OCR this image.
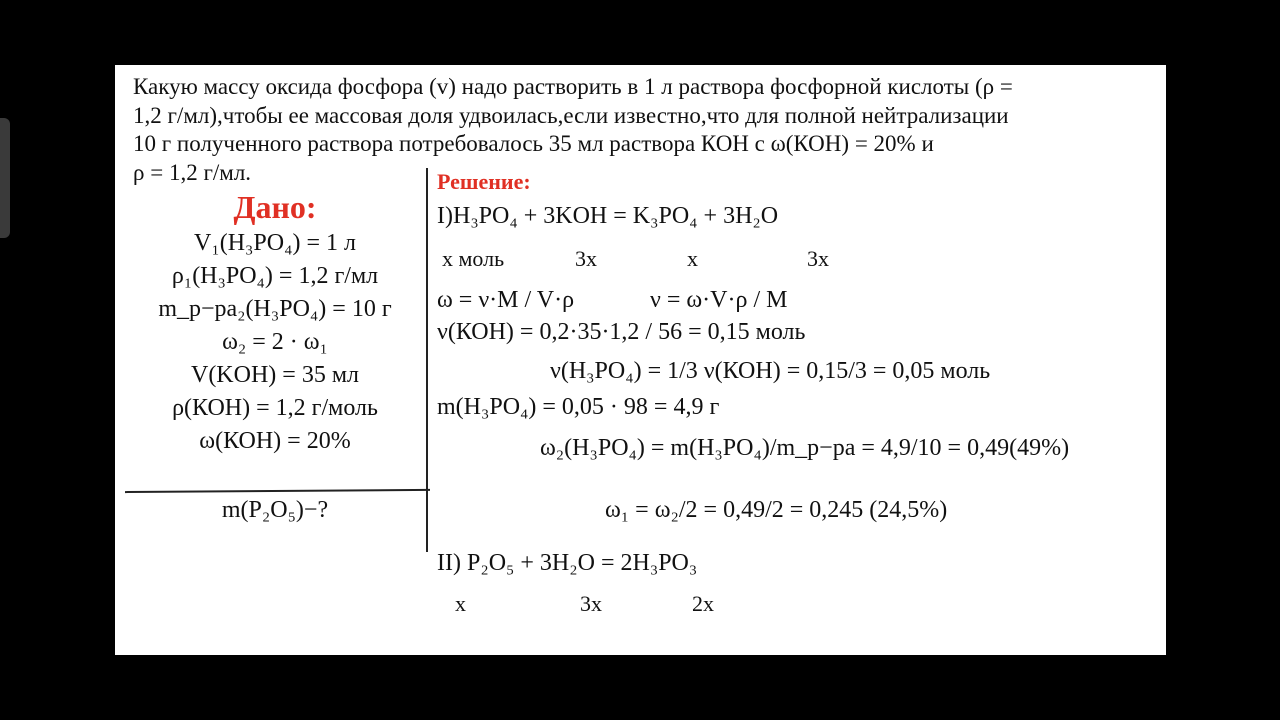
Какую массу оксида фосфора (v) надо растворить в 1 л раствора фосфорной кислоты (ρ =
1,2 г/мл),чтобы ее массовая доля удвоилась,если известно,что для полной нейтрализации
10 г полученного раствора потребовалось 35 мл раствора КОН с ω(КОН) = 20% и
ρ = 1,2 г/мл.
Дано:
V₁(H₃PO₄) = 1 л
ρ₁(H₃PO₄) = 1,2 г/мл
m_p−pa₂(H₃PO₄) = 10 г
ω₂ = 2 · ω₁
V(KOH) = 35 мл
ρ(КОН) = 1,2 г/моль
ω(КОН) = 20%
m(P₂O₅)−?
Решение:
I)H₃PO₄ + 3KOH = K₃PO₄ + 3H₂O
х моль	3х	х	3х
ω = ν·M / V·ρ	ν = ω·V·ρ / M
ν(КОН) = 0,2·35·1,2 / 56 = 0,15 моль
ν(H₃PO₄) = 1/3 ν(КОН) = 0,15/3 = 0,05 моль
m(H₃PO₄) = 0,05 · 98 = 4,9 г
ω₂(H₃PO₄) = m(H₃PO₄)/m_p−pa = 4,9/10 = 0,49(49%)
ω₁ = ω₂/2 = 0,49/2 = 0,245 (24,5%)
II) P₂O₅ + 3H₂O = 2H₃PO₃
х	3х	2х
